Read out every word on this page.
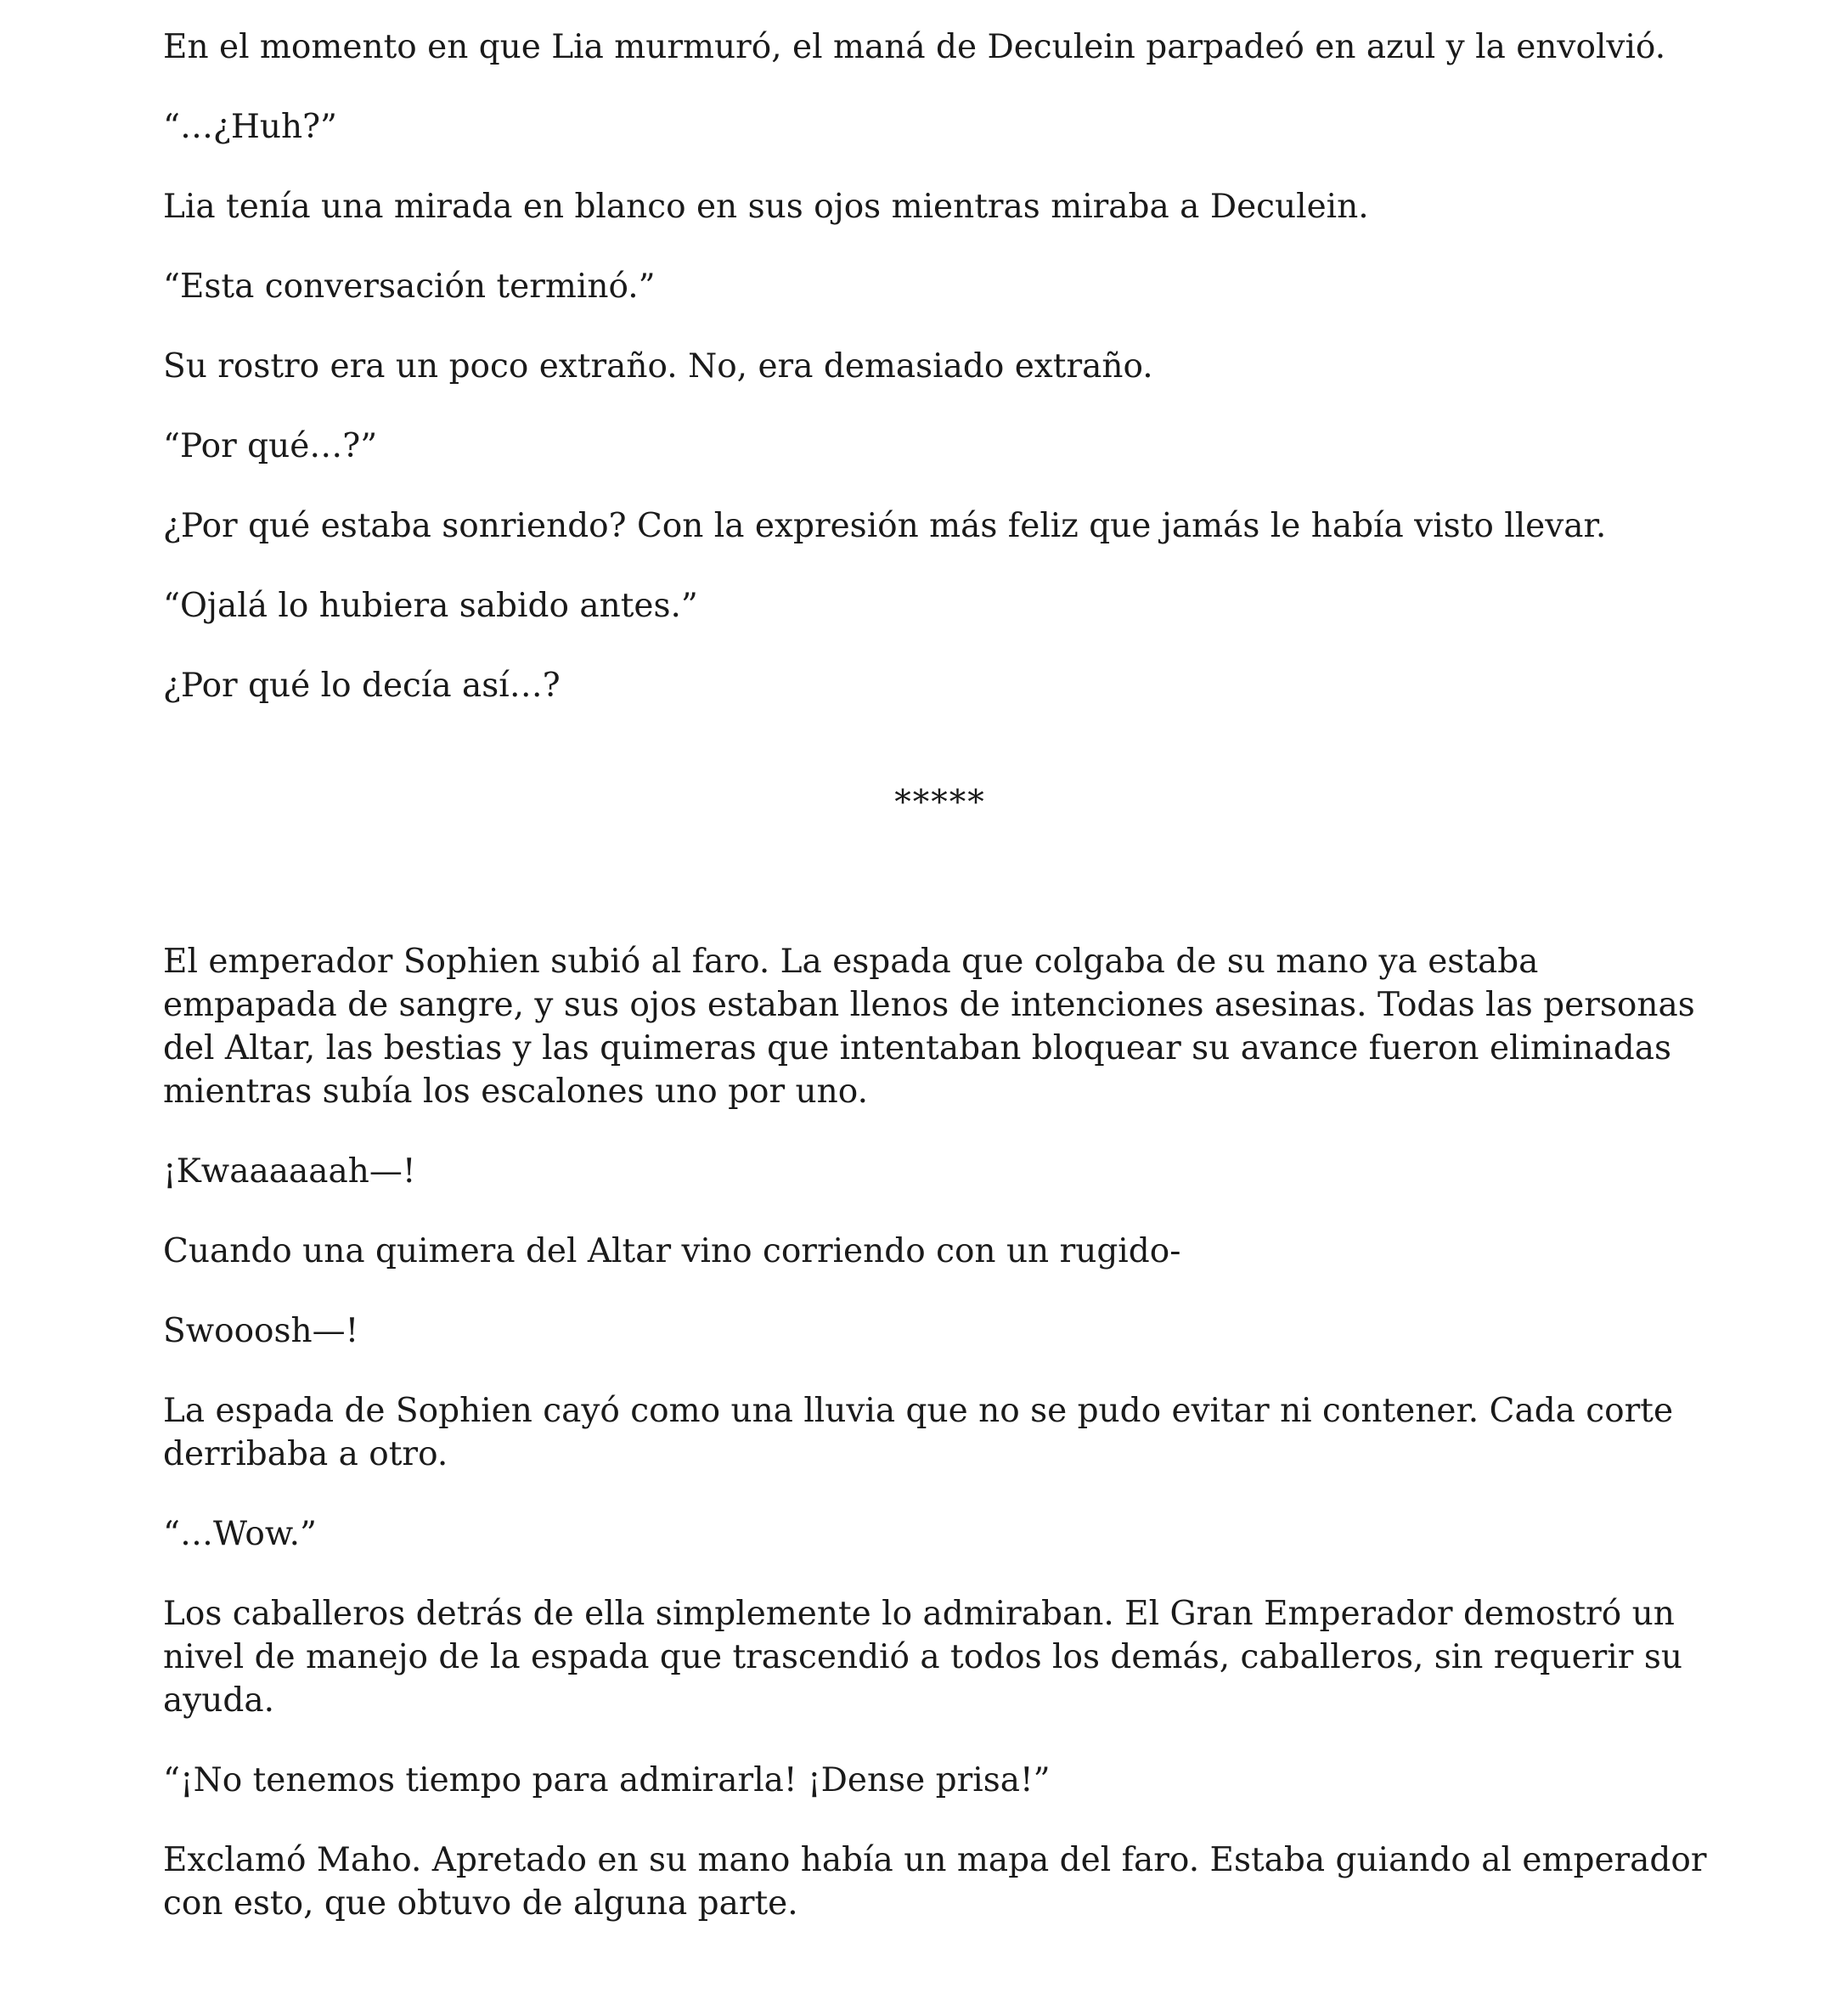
En el momento en que Lia murmuró, el maná de Deculein parpadeó en azul y la envolvió.

“…¿Huh?”

Lia tenía una mirada en blanco en sus ojos mientras miraba a Deculein.

“Esta conversación terminó.”

Su rostro era un poco extraño. No, era demasiado extraño.

“Por qué…?”

¿Por qué estaba sonriendo? Con la expresión más feliz que jamás le había visto llevar.

“Ojalá lo hubiera sabido antes.”

¿Por qué lo decía así…?

*****

El emperador Sophien subió al faro. La espada que colgaba de su mano ya estaba empapada de sangre, y sus ojos estaban llenos de intenciones asesinas. Todas las personas del Altar, las bestias y las quimeras que intentaban bloquear su avance fueron eliminadas mientras subía los escalones uno por uno.

¡Kwaaaaaah—!

Cuando una quimera del Altar vino corriendo con un rugido-

Swooosh—!

La espada de Sophien cayó como una lluvia que no se pudo evitar ni contener. Cada corte derribaba a otro.

“…Wow.”

Los caballeros detrás de ella simplemente lo admiraban. El Gran Emperador demostró un nivel de manejo de la espada que trascendió a todos los demás, caballeros, sin requerir su ayuda.

“¡No tenemos tiempo para admirarla! ¡Dense prisa!”

Exclamó Maho. Apretado en su mano había un mapa del faro. Estaba guiando al emperador con esto, que obtuvo de alguna parte.
